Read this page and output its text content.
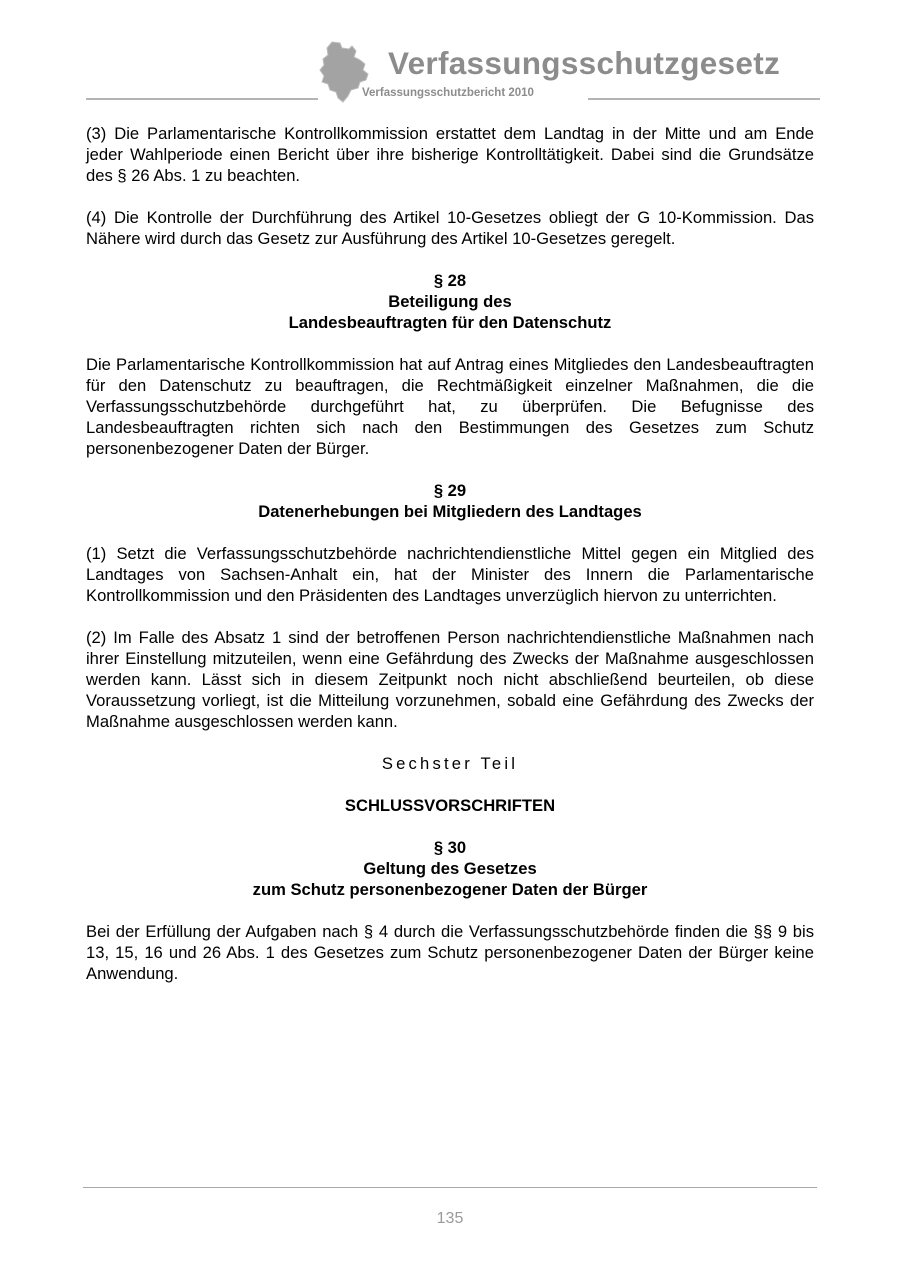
Verfassungsschutzgesetz
Verfassungsschutzbericht 2010

(3) Die Parlamentarische Kontrollkommission erstattet dem Landtag in der Mitte und am Ende jeder Wahlperiode einen Bericht über ihre bisherige Kontrolltätigkeit. Dabei sind die Grundsätze des § 26 Abs. 1 zu beachten.

(4) Die Kontrolle der Durchführung des Artikel 10-Gesetzes obliegt der G 10-Kommission. Das Nähere wird durch das Gesetz zur Ausführung des Artikel 10-Gesetzes geregelt.

§ 28
Beteiligung des
Landesbeauftragten für den Datenschutz

Die Parlamentarische Kontrollkommission hat auf Antrag eines Mitgliedes den Landesbeauftragten für den Datenschutz zu beauftragen, die Rechtmäßigkeit einzelner Maßnahmen, die die Verfassungsschutzbehörde durchgeführt hat, zu überprüfen. Die Befugnisse des Landesbeauftragten richten sich nach den Bestimmungen des Gesetzes zum Schutz personenbezogener Daten der Bürger.

§ 29
Datenerhebungen bei Mitgliedern des Landtages

(1) Setzt die Verfassungsschutzbehörde nachrichtendienstliche Mittel gegen ein Mitglied des Landtages von Sachsen-Anhalt ein, hat der Minister des Innern die Parlamentarische Kontrollkommission und den Präsidenten des Landtages unverzüglich hiervon zu unterrichten.

(2) Im Falle des Absatz 1 sind der betroffenen Person nachrichtendienstliche Maßnahmen nach ihrer Einstellung mitzuteilen, wenn eine Gefährdung des Zwecks der Maßnahme ausgeschlossen werden kann. Lässt sich in diesem Zeitpunkt noch nicht abschließend beurteilen, ob diese Voraussetzung vorliegt, ist die Mitteilung vorzunehmen, sobald eine Gefährdung des Zwecks der Maßnahme ausgeschlossen werden kann.

Sechster Teil
SCHLUSSVORSCHRIFTEN
§ 30
Geltung des Gesetzes
zum Schutz personenbezogener Daten der Bürger

Bei der Erfüllung der Aufgaben nach § 4 durch die Verfassungsschutzbehörde finden die §§ 9 bis 13, 15, 16 und 26 Abs. 1 des Gesetzes zum Schutz personenbezogener Daten der Bürger keine Anwendung.

135
